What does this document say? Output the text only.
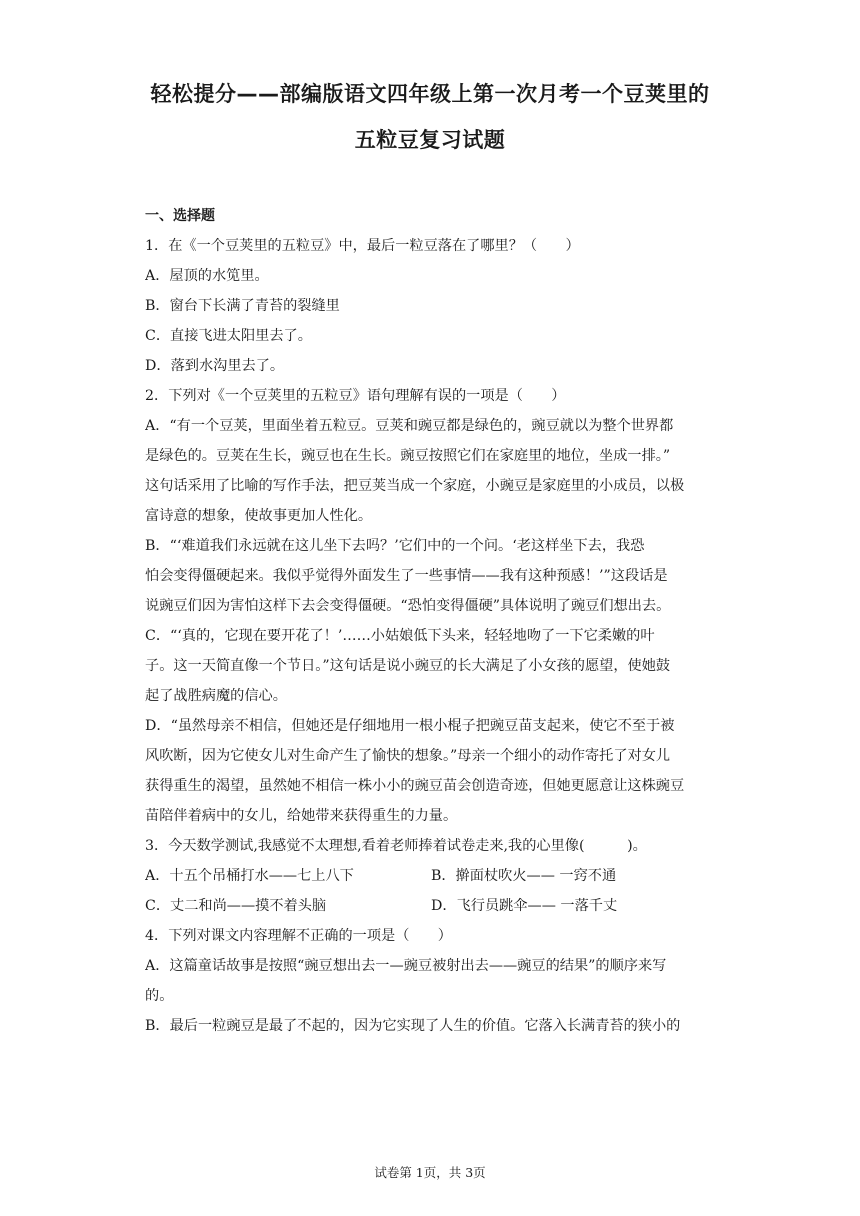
轻松提分——部编版语文四年级上第一次月考一个豆荚里的
五粒豆复习试题
一、选择题
1．在《一个豆荚里的五粒豆》中，最后一粒豆落在了哪里？（　　）
A．屋顶的水笕里。
B．窗台下长满了青苔的裂缝里
C．直接飞进太阳里去了。
D．落到水沟里去了。
2．下列对《一个豆荚里的五粒豆》语句理解有误的一项是（　　）
A．“有一个豆荚，里面坐着五粒豆。豆荚和豌豆都是绿色的，豌豆就以为整个世界都
是绿色的。豆荚在生长，豌豆也在生长。豌豆按照它们在家庭里的地位，坐成一排。”
这句话采用了比喻的写作手法，把豆荚当成一个家庭，小豌豆是家庭里的小成员，以极
富诗意的想象，使故事更加人性化。
B．“‘难道我们永远就在这儿坐下去吗？’它们中的一个问。‘老这样坐下去，我恐
怕会变得僵硬起来。我似乎觉得外面发生了一些事情——我有这种预感！’”这段话是
说豌豆们因为害怕这样下去会变得僵硬。“恐怕变得僵硬”具体说明了豌豆们想出去。
C．“‘真的，它现在要开花了！’……小姑娘低下头来，轻轻地吻了一下它柔嫩的叶
子。这一天简直像一个节日。”这句话是说小豌豆的长大满足了小女孩的愿望，使她鼓
起了战胜病魔的信心。
D．“虽然母亲不相信，但她还是仔细地用一根小棍子把豌豆苗支起来，使它不至于被
风吹断，因为它使女儿对生命产生了愉快的想象。”母亲一个细小的动作寄托了对女儿
获得重生的渴望，虽然她不相信一株小小的豌豆苗会创造奇迹，但她更愿意让这株豌豆
苗陪伴着病中的女儿，给她带来获得重生的力量。
3．今天数学测试,我感觉不太理想,看着老师捧着试卷走来,我的心里像(　　　)。
A．十五个吊桶打水——七上八下	B．擀面杖吹火—— 一窍不通
C．丈二和尚——摸不着头脑	D．飞行员跳伞—— 一落千丈
4．下列对课文内容理解不正确的一项是（　　）
A．这篇童话故事是按照“豌豆想出去一—豌豆被射出去——豌豆的结果”的顺序来写
的。
B．最后一粒豌豆是最了不起的，因为它实现了人生的价值。它落入长满青苔的狭小的
试卷第 1页，共 3页
